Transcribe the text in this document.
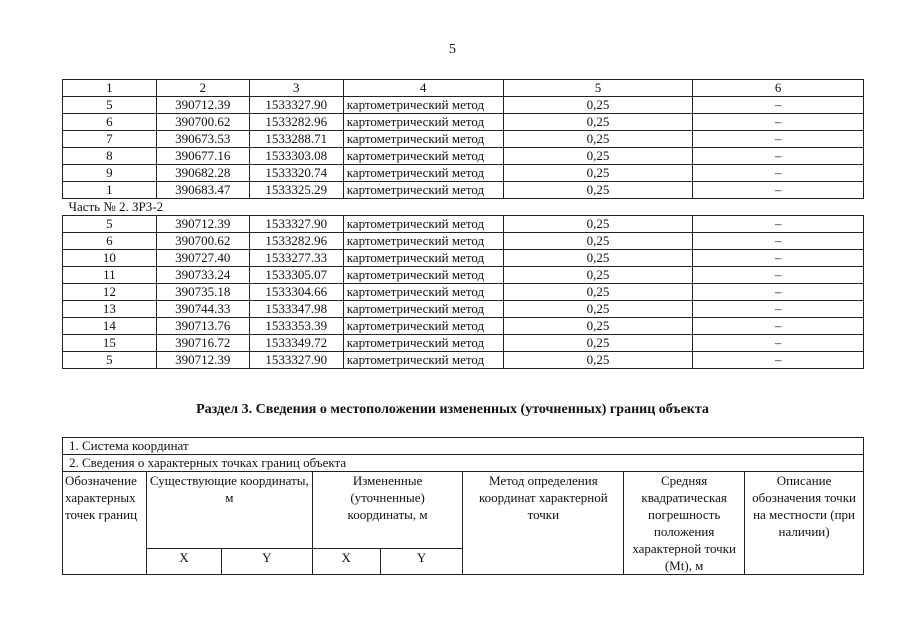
5
1	2	3	4	5	6
5	390712.39	1533327.90	картометрический метод	0,25	–
6	390700.62	1533282.96	картометрический метод	0,25	–
7	390673.53	1533288.71	картометрический метод	0,25	–
8	390677.16	1533303.08	картометрический метод	0,25	–
9	390682.28	1533320.74	картометрический метод	0,25	–
1	390683.47	1533325.29	картометрический метод	0,25	–
Часть № 2. ЗР3-2					
5	390712.39	1533327.90	картометрический метод	0,25	–
6	390700.62	1533282.96	картометрический метод	0,25	–
10	390727.40	1533277.33	картометрический метод	0,25	–
11	390733.24	1533305.07	картометрический метод	0,25	–
12	390735.18	1533304.66	картометрический метод	0,25	–
13	390744.33	1533347.98	картометрический метод	0,25	–
14	390713.76	1533353.39	картометрический метод	0,25	–
15	390716.72	1533349.72	картометрический метод	0,25	–
5	390712.39	1533327.90	картометрический метод	0,25	–
Раздел 3. Сведения о местоположении измененных (уточненных) границ объекта
1. Система координат							
2. Сведения о характерных точках границ объекта							
Обозначение характерных точек границ	Существующие координаты, м		Измененные (уточненные) координаты, м		Метод определения координат характерной точки	Средняя квадратическая погрешность положения характерной точки (Mt), м	Описание обозначения точки на местности (при наличии)
	X	Y	X	Y			
